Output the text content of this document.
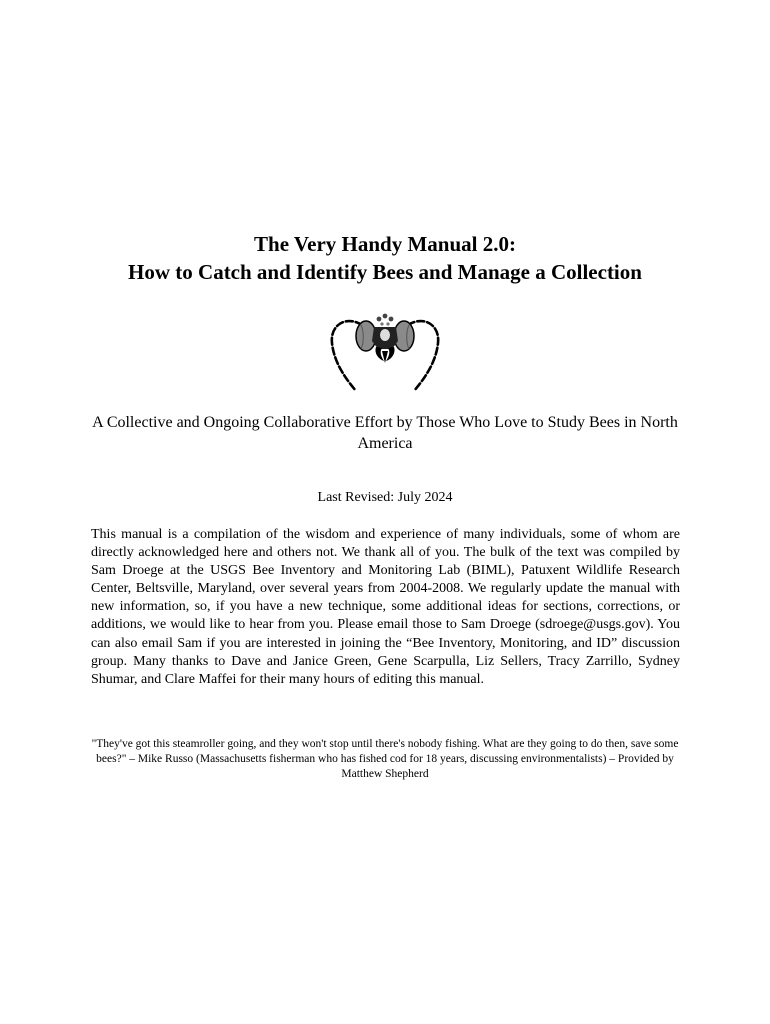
The Very Handy Manual 2.0:
How to Catch and Identify Bees and Manage a Collection
A Collective and Ongoing Collaborative Effort by Those Who Love to Study Bees in North America
Last Revised: July 2024

This manual is a compilation of the wisdom and experience of many individuals, some of whom are directly acknowledged here and others not. We thank all of you. The bulk of the text was compiled by Sam Droege at the USGS Bee Inventory and Monitoring Lab (BIML), Patuxent Wildlife Research Center, Beltsville, Maryland, over several years from 2004-2008. We regularly update the manual with new information, so, if you have a new technique, some additional ideas for sections, corrections, or additions, we would like to hear from you. Please email those to Sam Droege (sdroege@usgs.gov). You can also email Sam if you are interested in joining the “Bee Inventory, Monitoring, and ID” discussion group. Many thanks to Dave and Janice Green, Gene Scarpulla, Liz Sellers, Tracy Zarrillo, Sydney Shumar, and Clare Maffei for their many hours of editing this manual.

"They've got this steamroller going, and they won't stop until there's nobody fishing. What are they going to do then, save some bees?" – Mike Russo (Massachusetts fisherman who has fished cod for 18 years, discussing environmentalists) – Provided by Matthew Shepherd
